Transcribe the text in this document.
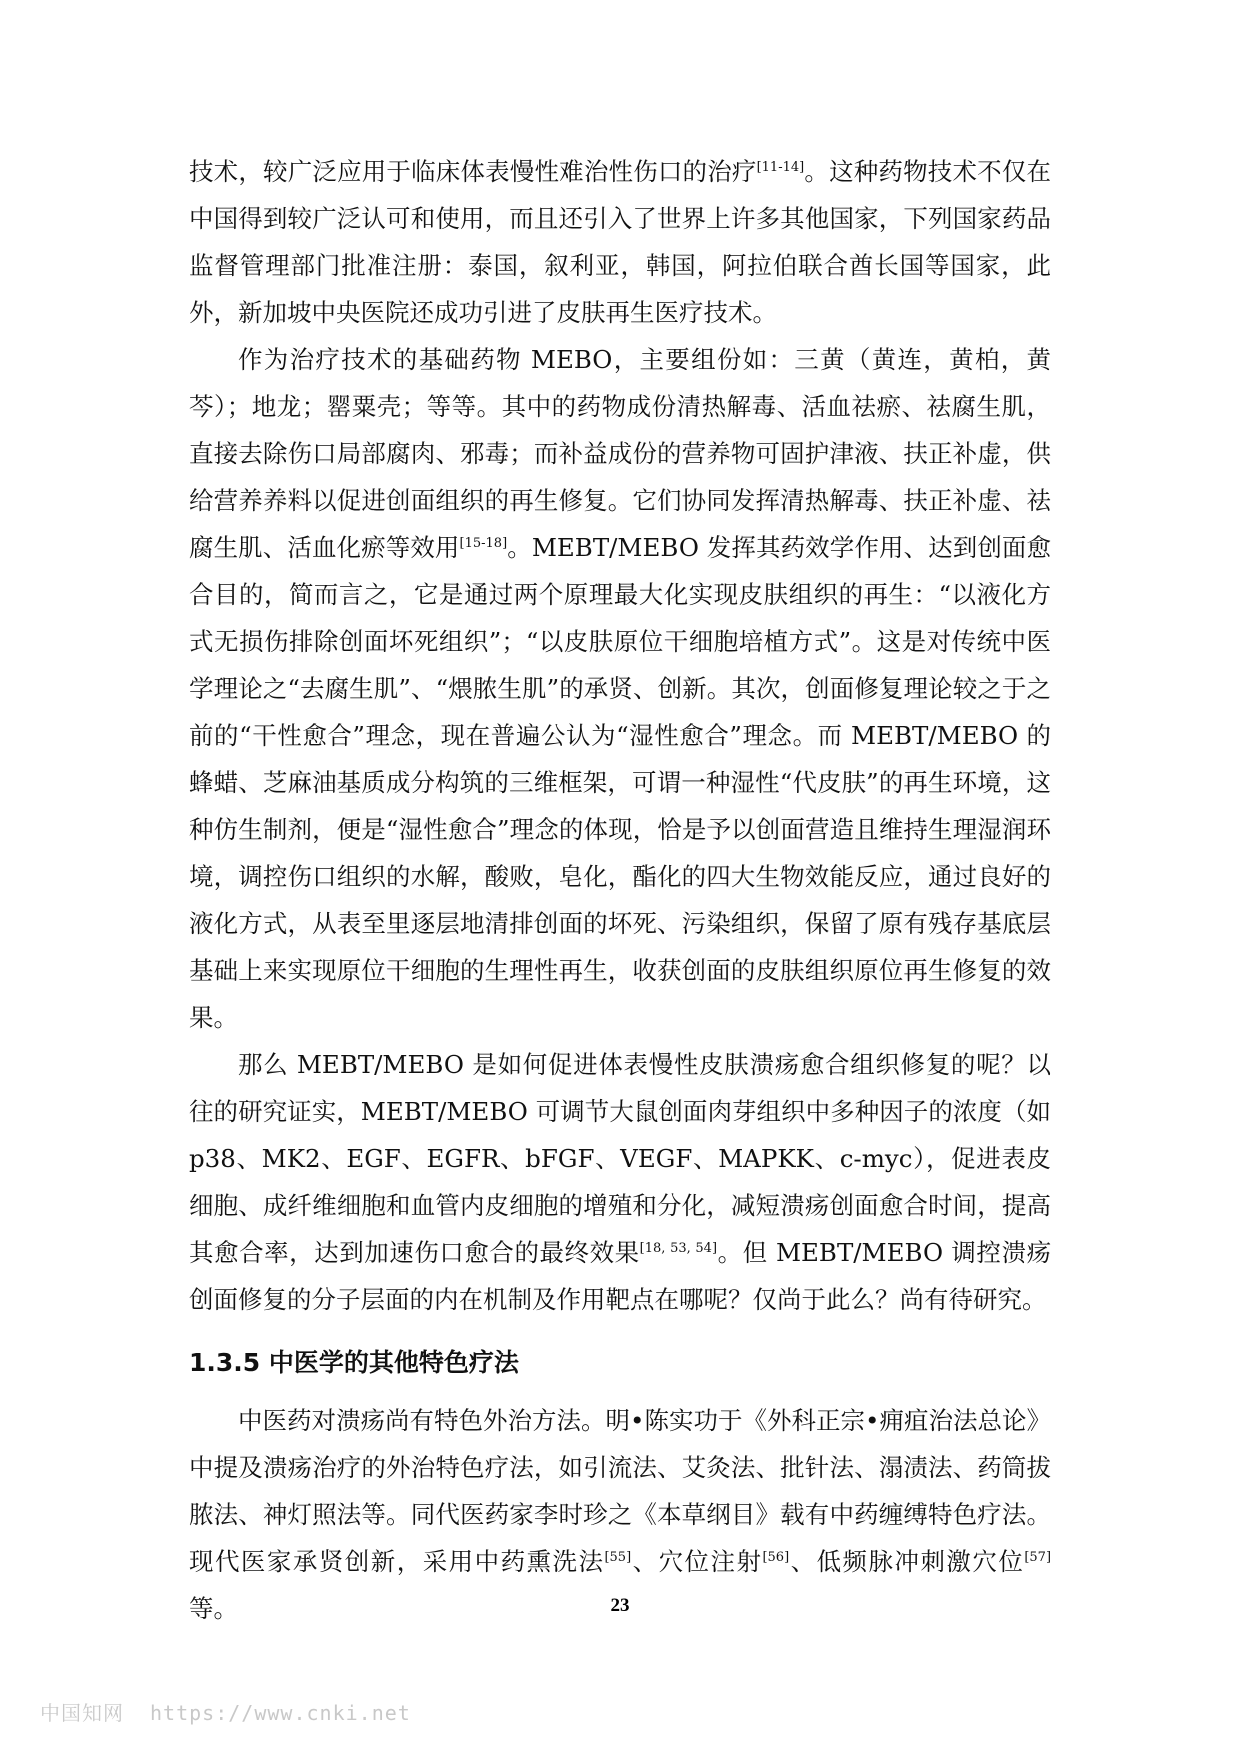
技术，较广泛应用于临床体表慢性难治性伤口的治疗[11-14]。这种药物技术不仅在中国得到较广泛认可和使用，而且还引入了世界上许多其他国家，下列国家药品监督管理部门批准注册：泰国，叙利亚，韩国，阿拉伯联合酋长国等国家，此外，新加坡中央医院还成功引进了皮肤再生医疗技术。

作为治疗技术的基础药物 MEBO，主要组份如：三黄（黄连，黄柏，黄芩）；地龙；罂粟壳；等等。其中的药物成份清热解毒、活血祛瘀、祛腐生肌，直接去除伤口局部腐肉、邪毒；而补益成份的营养物可固护津液、扶正补虚，供给营养养料以促进创面组织的再生修复。它们协同发挥清热解毒、扶正补虚、祛腐生肌、活血化瘀等效用[15-18]。MEBT/MEBO 发挥其药效学作用、达到创面愈合目的，简而言之，它是通过两个原理最大化实现皮肤组织的再生：“以液化方式无损伤排除创面坏死组织”；“以皮肤原位干细胞培植方式”。这是对传统中医学理论之“去腐生肌”、“煨脓生肌”的承贤、创新。其次，创面修复理论较之于之前的“干性愈合”理念，现在普遍公认为“湿性愈合”理念。而 MEBT/MEBO 的蜂蜡、芝麻油基质成分构筑的三维框架，可谓一种湿性“代皮肤”的再生环境，这种仿生制剂，便是“湿性愈合”理念的体现，恰是予以创面营造且维持生理湿润环境，调控伤口组织的水解，酸败，皂化，酯化的四大生物效能反应，通过良好的液化方式，从表至里逐层地清排创面的坏死、污染组织，保留了原有残存基底层基础上来实现原位干细胞的生理性再生，收获创面的皮肤组织原位再生修复的效果。

那么 MEBT/MEBO 是如何促进体表慢性皮肤溃疡愈合组织修复的呢？以往的研究证实，MEBT/MEBO 可调节大鼠创面肉芽组织中多种因子的浓度（如 p38、MK2、EGF、EGFR、bFGF、VEGF、MAPKK、c-myc），促进表皮细胞、成纤维细胞和血管内皮细胞的增殖和分化，减短溃疡创面愈合时间，提高其愈合率，达到加速伤口愈合的最终效果[18, 53, 54]。但 MEBT/MEBO 调控溃疡创面修复的分子层面的内在机制及作用靶点在哪呢？仅尚于此么？尚有待研究。

1.3.5 中医学的其他特色疗法

中医药对溃疡尚有特色外治方法。明•陈实功于《外科正宗•痈疽治法总论》中提及溃疡治疗的外治特色疗法，如引流法、艾灸法、批针法、溻渍法、药筒拔脓法、神灯照法等。同代医药家李时珍之《本草纲目》载有中药缠缚特色疗法。现代医家承贤创新，采用中药熏洗法[55]、穴位注射[56]、低频脉冲刺激穴位[57]等。	23
中国知网 https://www.cnki.net
